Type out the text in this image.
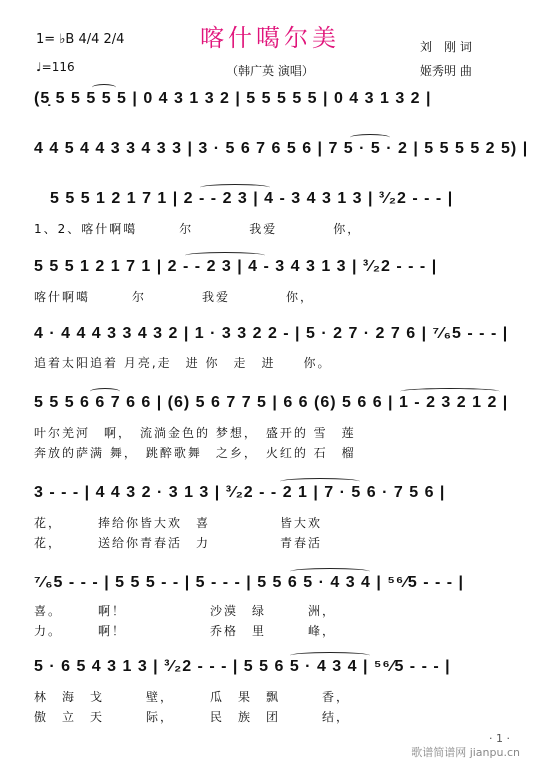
喀什噶尔美
（韩广英 演唱）
1= ♭B 4/4 2/4
♩=116
刘　刚 词
姬秀明 曲
(5̣ 5 5 5 5 5 | 0 4 3 1 3 2 | 5 5 5 5 5 | 0 4 3 1 3 2 |
4 4 5 4 4 3 3 4 3 3 | 3 · 5 6 7 6 5 6 | 7 5 · 5 · 2 | 5 5 5 5 2 5) |
5 5 5 1 2 1 7 1 | 2 - - 2 3 | 4 - 3 4 3 1 3 | ³⁄₂2 - - - |
1、2、喀什啊噶　　　尔　　　　我爱　　　　你，
5 5 5 1 2 1 7 1 | 2 - - 2 3 | 4 - 3 4 3 1 3 | ³⁄₂2 - - - |
喀什啊噶　　　尔　　　　我爱　　　　你，
4 · 4 4 4 3 3 4 3 2 | 1 · 3 3 2 2 - | 5 · 2 7 · 2 7 6 | ⁷⁄₆5 - - - |
追着太阳追着 月亮,走　进 你　走　进　　你。
5 5 5 6 6 7 6 6 | (6) 5 6 7 7 5 | 6 6 (6) 5 6 6 | 1 - 2 3 2 1 2 |
叶尔羌河　啊，　流淌金色的 梦想，　盛开的 雪　莲
奔放的萨满 舞，　跳醉歌舞　之乡，　火红的 石　榴
3 - - - | 4 4 3 2 · 3 1 3 | ³⁄₂2 - - 2 1 | 7 · 5 6 · 7 5 6 |
花，　　　捧给你皆大欢　喜　　　　　皆大欢
花，　　　送给你青春活　力　　　　　青春活
⁷⁄₆5 - - - | 5 5 5 - - | 5 - - - | 5 5 6 5 · 4 3 4 | ⁵⁶⁄5 - - - |
喜。　　　啊！　　　　　　沙漠　绿　　　洲，
力。　　　啊！　　　　　　乔格　里　　　峰，
5 · 6 5 4 3 1 3 | ³⁄₂2 - - - | 5 5 6 5 · 4 3 4 | ⁵⁶⁄5 - - - |
林　海　戈　　　壁，　　　瓜　果　飘　　　香，
傲　立　天　　　际，　　　民　族　团　　　结，
· 1 ·
歌谱简谱网 jianpu.cn
